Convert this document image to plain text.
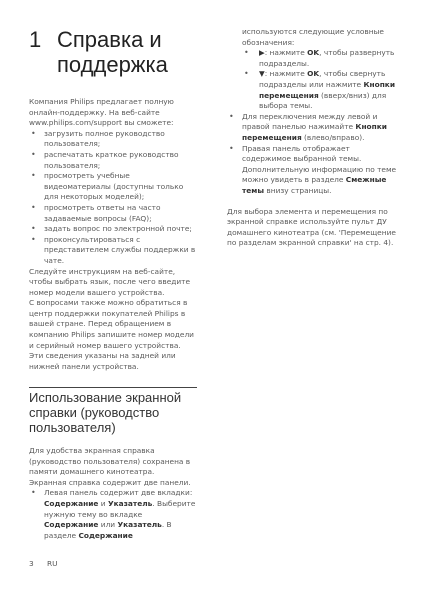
1 Справка и поддержка

Компания Philips предлагает полную онлайн-поддержку. На веб-сайте www.philips.com/support вы сможете:

• загрузить полное руководство пользователя;
• распечатать краткое руководство пользователя;
• просмотреть учебные видеоматериалы (доступны только для некоторых моделей);
• просмотреть ответы на часто задаваемые вопросы (FAQ);
• задать вопрос по электронной почте;
• проконсультироваться с представителем службы поддержки в чате.

Следуйте инструкциям на веб-сайте, чтобы выбрать язык, после чего введите номер модели вашего устройства.

С вопросами также можно обратиться в центр поддержки покупателей Philips в вашей стране. Перед обращением в компанию Philips запишите номер модели и серийный номер вашего устройства. Эти сведения указаны на задней или нижней панели устройства.

Использование экранной справки (руководство пользователя)

Для удобства экранная справка (руководство пользователя) сохранена в памяти домашнего кинотеатра.

Экранная справка содержит две панели.

• Левая панель содержит две вкладки:
Содержание и Указатель. Выберите нужную тему во вкладке Содержание или Указатель. В разделе Содержание

используются следующие условные обозначения:

• ▶: нажмите OK, чтобы развернуть подразделы.
• ▼: нажмите OK, чтобы свернуть подразделы или нажмите Кнопки перемещения (вверх/вниз) для выбора темы.
• Для переключения между левой и правой панелью нажимайте Кнопки перемещения (влево/вправо).
• Правая панель отображает содержимое выбранной темы. Дополнительную информацию по теме можно увидеть в разделе Смежные темы внизу страницы.

Для выбора элемента и перемещения по экранной справке используйте пульт ДУ домашнего кинотеатра (см. 'Перемещение по разделам экранной справки' на стр. 4).

3 RU
